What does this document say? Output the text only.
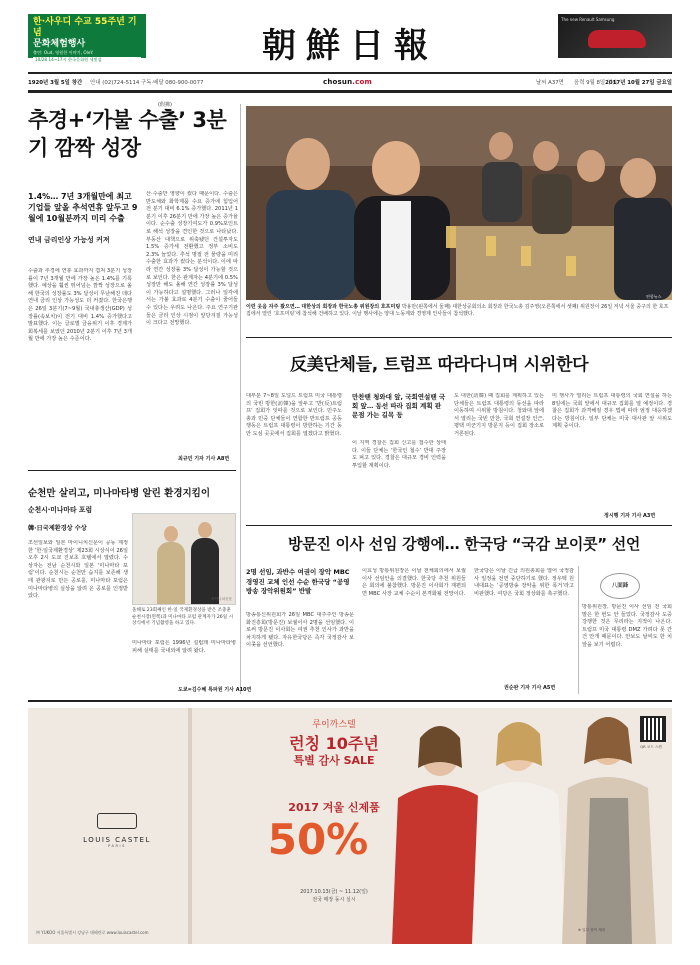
한·사우디 수교 55주년 기념
문화체험행사
출연: Oud, 영원한 이야기, OleY.
10/28 14~17시 한국문화원 세빛섬	朝鮮日報
The new Renault Samsung
1920년 3월 5일 창간 안내 (02)724-5114 구독·배달 080-900-0077	chosun.com	날씨 A37면 음력 9월 8일 丁亥
2017년 10월 27일 금요일
(假拂)
추경+‘가불 수출’ 3분기 깜짝 성장
1.4%… 7년 3개월만에 최고 기업들 앞올 추석연휴 앞두고 9월에 10월분까지 미리 수출
연내 금리인상 가능성 커져
수출과 추경에 연휴 효과까지 겹쳐 3분기 성장률이 7년 3개월 만에 가장 높은 1.4%를 기록했다. 예상을 훨씬 뛰어넘는 깜짝 성장으로 올해 한국의 성장률도 3% 달성이 무난해진 데다 연내 금리 인상 가능성도 더 커졌다. 한국은행은 26일 3분기(7~9월) 국내총생산(GDP) 성장률(속보치)이 전기 대비 1.4% 증가했다고 발표했다. 이는 글로벌 금융위기 이후 경제가 회복세를 보였던 2010년 2분기 이후 7년 3개월 만에 가장 높은 수준이다.
산·수출만 영향이 컸다 때문이다. 수출은 반도체와 화학제품 수요 증가에 힘입어 전 분기 대비 6.1% 증가했다. 2011년 1분기 이후 26분기 만에 가장 높은 증가율이다. 순수출 성장기여도가 0.9%포인트로 해석 성장을 견인한 것으로 나타났다. 부동산 대책으로 위축됐던 건설투자도 1.5% 증가세 전환했고 정부 소비도 2.3% 늘었다. 추석 명절 전 물량을 미리 수출한 효과가 컸다는 분석이다. 이에 따라 연간 성장률 3% 달성이 가능할 것으로 보인다. 한은 관계자는 4분기에 0.5% 성장만 해도 올해 연간 성장률 3% 달성이 가능하다고 설명했다. 그러나 일각에서는 가불 효과로 4분기 수출이 줄어들 수 있다는 우려도 나온다. 주요 연구기관들은 금리 인상 시점이 앞당겨질 가능성이 크다고 전망했다.
최규민 기자 기사 A8면
연합뉴스
이런 웃음 자주 봤으면… 대한상의 회장과 한국노총 위원장의 호프미팅 박용만(왼쪽에서 둘째) 대한상공회의소 회장과 한국노총 김주영(오른쪽에서 셋째) 위원장이 26일 저녁 서울 중구의 한 호프집에서 열린 ‘호프미팅’에 참석해 건배하고 있다. 이날 행사에는 양대 노동계와 경영계 인사들이 참석했다.
反美단체들, 트럼프 따라다니며 시위한다
대부분 7~8일 도널드 트럼프 미국 대통령의 국빈 방한(訪韓)을 앞두고 ‘반(反)트럼프’ 집회가 잇따를 것으로 보인다. 민주노총과 민중 단체들이 연합한 반트럼프 공동행동은 트럼프 대통령이 방한하는 기간 동안 도심 곳곳에서 집회를 열겠다고 밝혔다.
만찬땐 청와대 앞, 국회연설땐 국회 앞… 동선 따라 집회 계획 판문점 가는 길목 등
이 지역 경찰은 집회 신고를 접수한 상태다. 이들 단체는 ‘한국인 철수’ 반대 주장도 펴고 있다. 경찰은 대규모 경비 인력을 투입할 계획이다.
도 대한(訪韓) 때 집회를 계획하고 있는 단체들은 트럼프 대통령의 동선을 따라 이동하며 시위할 방침이다. 청와대 앞에서 열리는 국빈 만찬, 국회 연설장 인근, 평택 미군기지 방문지 등이 집회 장소로 거론된다.
미 행사가 열리는 트럼프 대통령의 국회 연설을 하는 8일에는 국회 앞에서 대규모 집회를 열 예정이다. 경찰은 집회가 과격해질 경우 법에 따라 엄정 대응하겠다는 방침이다. 일부 단체는 미국 대사관 앞 시위도 계획 중이다.
정시행 기자 기사 A3면
방문진 이사 선임 강행에… 한국당 “국감 보이콧” 선언
2명 선임, 과반수 여권이 장악 MBC 경영진 교체 인선 수순 한국당 “공영방송 장악위원회” 반발
방송통신위원회가 26일 MBC 대주주인 방송문화진흥회(방문진) 보궐이사 2명을 선임했다. 이로써 방문진 이사회는 여권 추천 인사가 과반을 차지하게 됐다. 자유한국당은 즉각 국정감사 보이콧을 선언했다.
이효성 방통위원장은 이날 전체회의에서 보궐이사 선임안을 의결했다. 한국당 추천 위원들은 회의에 불참했다. 방문진 이사회가 재편되면 MBC 사장 교체 수순이 본격화될 전망이다.
한국당은 이날 긴급 의원총회를 열어 국정감사 일정을 전면 중단하기로 했다. 정우택 원내대표는 ‘공영방송 장악을 위한 폭거’라고 비판했다. 여당은 국회 정상화를 촉구했다.
권순완 기자 기사 A5면
八面鋒
방통위원장, 방문진 이사 선임 전 국회 말은 한 번도 안 들었다. 국정감사 도중 강행한 것은 무리라는 지적이 나온다. 트럼프 미국 대통령 DMZ 가려다 못 간 건 안개 때문이다. 안보도 날씨도 한 치 앞을 보기 어렵다.
순천만 살리고, 미나마타병 알린 환경지킴이
순천시·미나마타 포럼
韓·日국제환경상 수상
조선일보와 일본 마이니치신문이 공동 제정한 ‘한·일국제환경상’ 제23회 시상식이 26일 오후 2시 도쿄 진보초 호텔에서 열렸다. 수상자는 전남 순천시와 일본 ‘미나마타 포럼’이다. 순천시는 순천만 습지를 보존해 생태 관광지로 만든 공로를, 미나마타 포럼은 미나마타병의 실상을 알려 온 공로를 인정받았다.	마이니치신문
올해로 23회째인 한·일 국제환경상을 받은 조충훈 순천시장(왼쪽)과 미나마타 포럼 관계자가 26일 시상식에서 기념촬영을 하고 있다.
미나마타 포럼은 1996년 설립돼 미나마타병 피해 실태를 국내외에 알려 왔다.
도쿄=김수혜 특파원 기사 A10면
LOUIS CASTEL
PARIS
루이까스텔
런칭 10주년
특별 감사 SALE
2017 겨울 신제품
50%
2017.10.13(금) ~ 11.12(일)
전국 매장 동시 실시
㈜ YUKOO 서울특별시 강남구 테헤란로 www.louiscastel.com
QR 코드 스캔
※ 일부 품목 제외
